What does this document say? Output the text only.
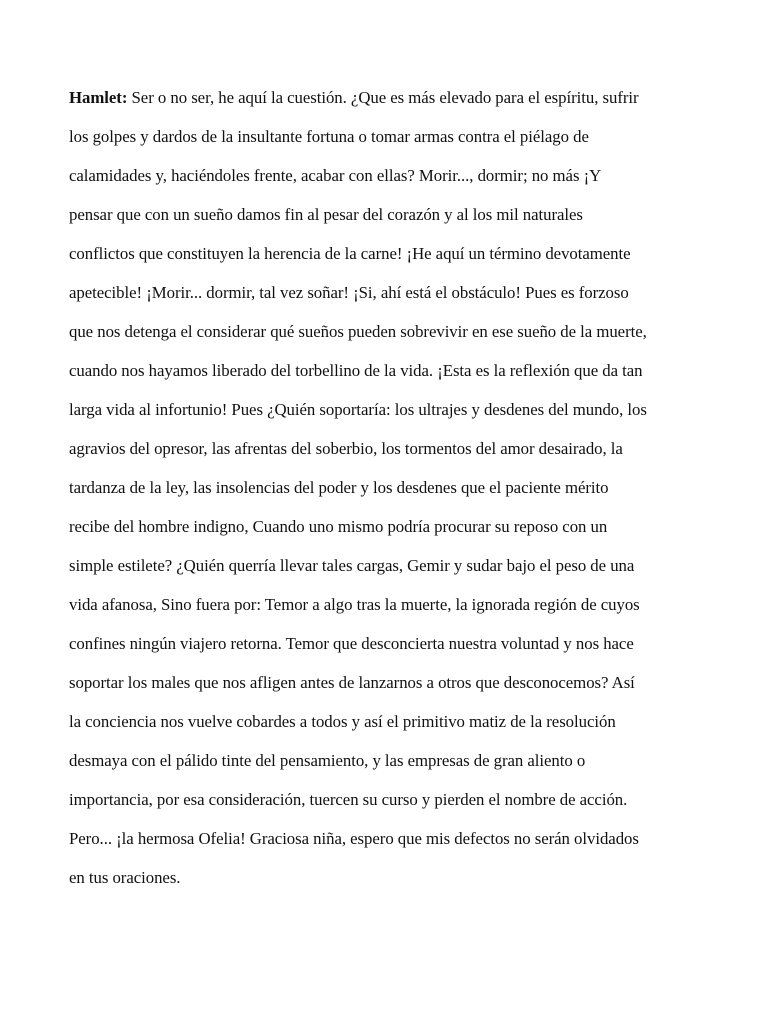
Hamlet: Ser o no ser, he aquí la cuestión. ¿Que es más elevado para el espíritu, sufrir
los golpes y dardos de la insultante fortuna o tomar armas contra el piélago de
calamidades y, haciéndoles frente, acabar con ellas? Morir..., dormir; no más ¡Y
pensar que con un sueño damos fin al pesar del corazón y al los mil naturales
conflictos que constituyen la herencia de la carne! ¡He aquí un término devotamente
apetecible! ¡Morir... dormir, tal vez soñar! ¡Si, ahí está el obstáculo! Pues es forzoso
que nos detenga el considerar qué sueños pueden sobrevivir en ese sueño de la muerte,
cuando nos hayamos liberado del torbellino de la vida. ¡Esta es la reflexión que da tan
larga vida al infortunio! Pues ¿Quién soportaría: los ultrajes y desdenes del mundo, los
agravios del opresor, las afrentas del soberbio, los tormentos del amor desairado, la
tardanza de la ley, las insolencias del poder y los desdenes que el paciente mérito
recibe del hombre indigno, Cuando uno mismo podría procurar su reposo con un
simple estilete? ¿Quién querría llevar tales cargas, Gemir y sudar bajo el peso de una
vida afanosa, Sino fuera por: Temor a algo tras la muerte, la ignorada región de cuyos
confines ningún viajero retorna. Temor que desconcierta nuestra voluntad y nos hace
soportar los males que nos afligen antes de lanzarnos a otros que desconocemos? Así
la conciencia nos vuelve cobardes a todos y así el primitivo matiz de la resolución
desmaya con el pálido tinte del pensamiento, y las empresas de gran aliento o
importancia, por esa consideración, tuercen su curso y pierden el nombre de acción.
Pero... ¡la hermosa Ofelia! Graciosa niña, espero que mis defectos no serán olvidados
en tus oraciones.
